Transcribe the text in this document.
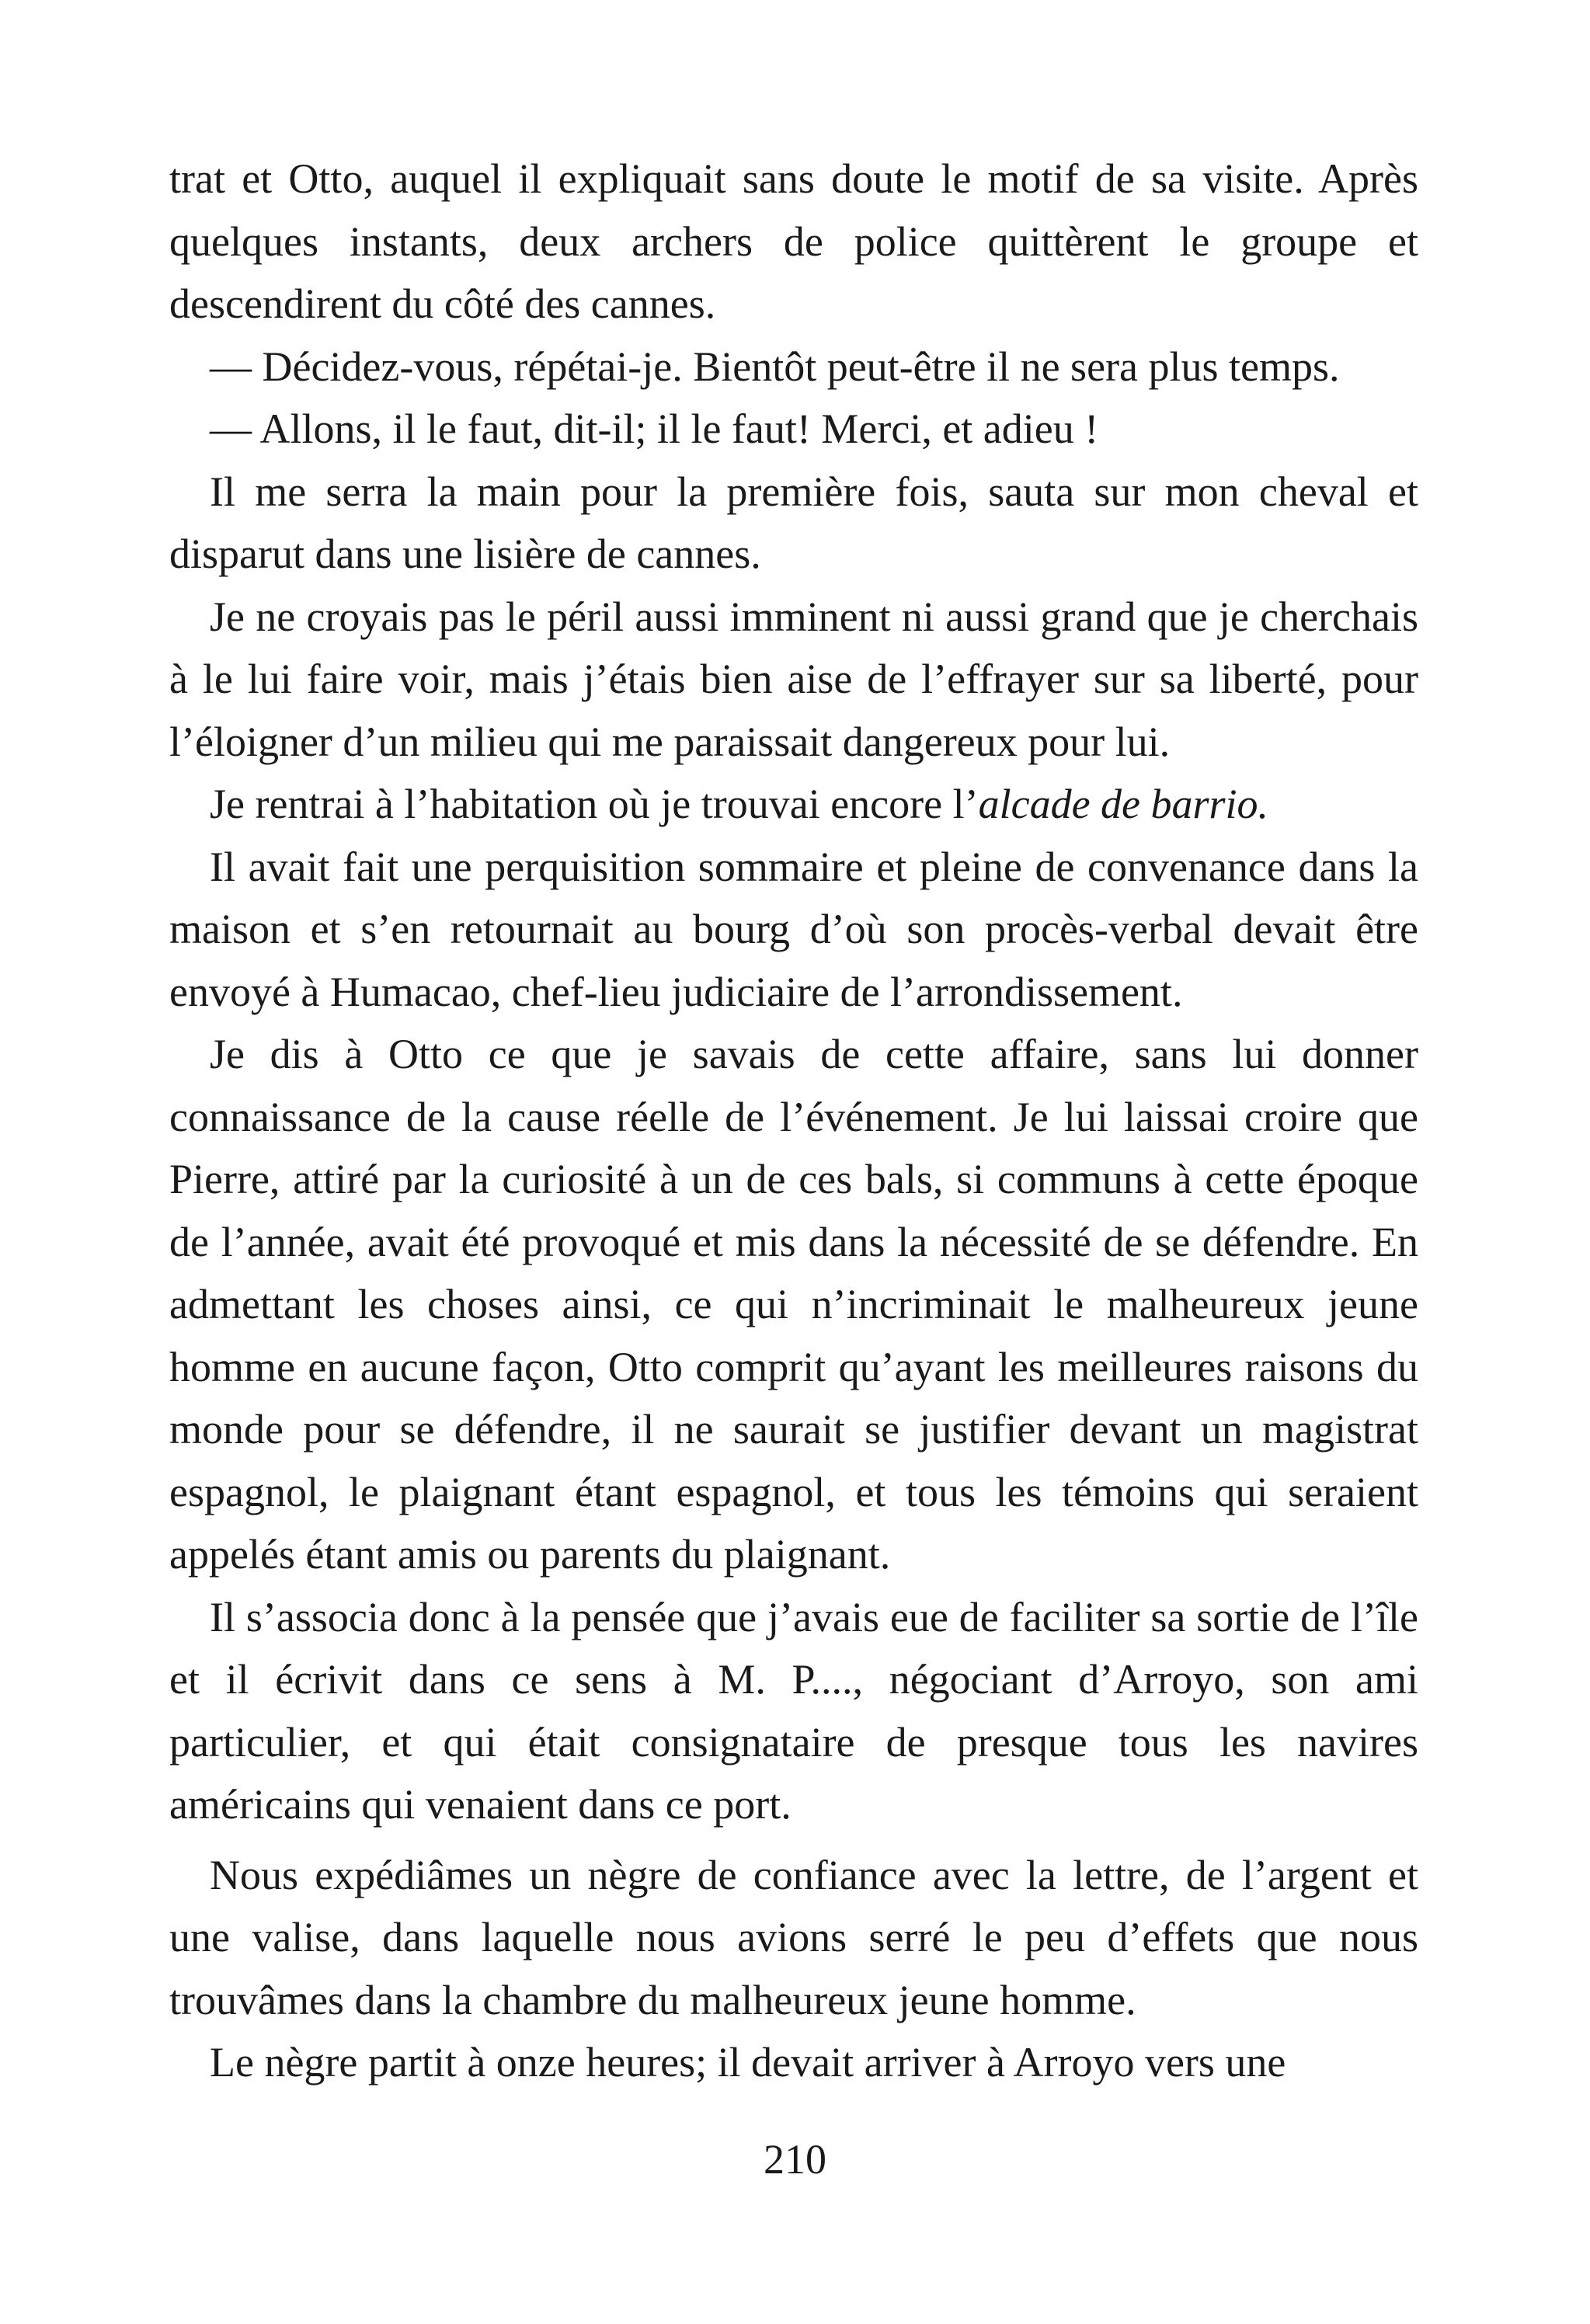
trat et Otto, auquel il expliquait sans doute le motif de sa visite. Après quelques instants, deux archers de police quittèrent le groupe et descendirent du côté des cannes.

— Décidez-vous, répétai-je. Bientôt peut-être il ne sera plus temps.

— Allons, il le faut, dit-il; il le faut! Merci, et adieu !

Il me serra la main pour la première fois, sauta sur mon cheval et disparut dans une lisière de cannes.

Je ne croyais pas le péril aussi imminent ni aussi grand que je cherchais à le lui faire voir, mais j’étais bien aise de l’effrayer sur sa liberté, pour l’éloigner d’un milieu qui me paraissait dangereux pour lui.

Je rentrai à l’habitation où je trouvai encore l’alcade de barrio.

Il avait fait une perquisition sommaire et pleine de convenance dans la maison et s’en retournait au bourg d’où son procès-verbal devait être envoyé à Humacao, chef-lieu judiciaire de l’arrondissement.

Je dis à Otto ce que je savais de cette affaire, sans lui donner connaissance de la cause réelle de l’événement. Je lui laissai croire que Pierre, attiré par la curiosité à un de ces bals, si communs à cette époque de l’année, avait été provoqué et mis dans la nécessité de se défendre. En admettant les choses ainsi, ce qui n’incriminait le malheureux jeune homme en aucune façon, Otto comprit qu’ayant les meilleures raisons du monde pour se défendre, il ne saurait se justifier devant un magistrat espagnol, le plaignant étant espagnol, et tous les témoins qui seraient appelés étant amis ou parents du plaignant.

Il s’associa donc à la pensée que j’avais eue de faciliter sa sortie de l’île et il écrivit dans ce sens à M. P...., négociant d’Arroyo, son ami particulier, et qui était consignataire de presque tous les navires américains qui venaient dans ce port.

Nous expédiâmes un nègre de confiance avec la lettre, de l’argent et une valise, dans laquelle nous avions serré le peu d’effets que nous trouvâmes dans la chambre du malheureux jeune homme.

Le nègre partit à onze heures; il devait arriver à Arroyo vers une

210
